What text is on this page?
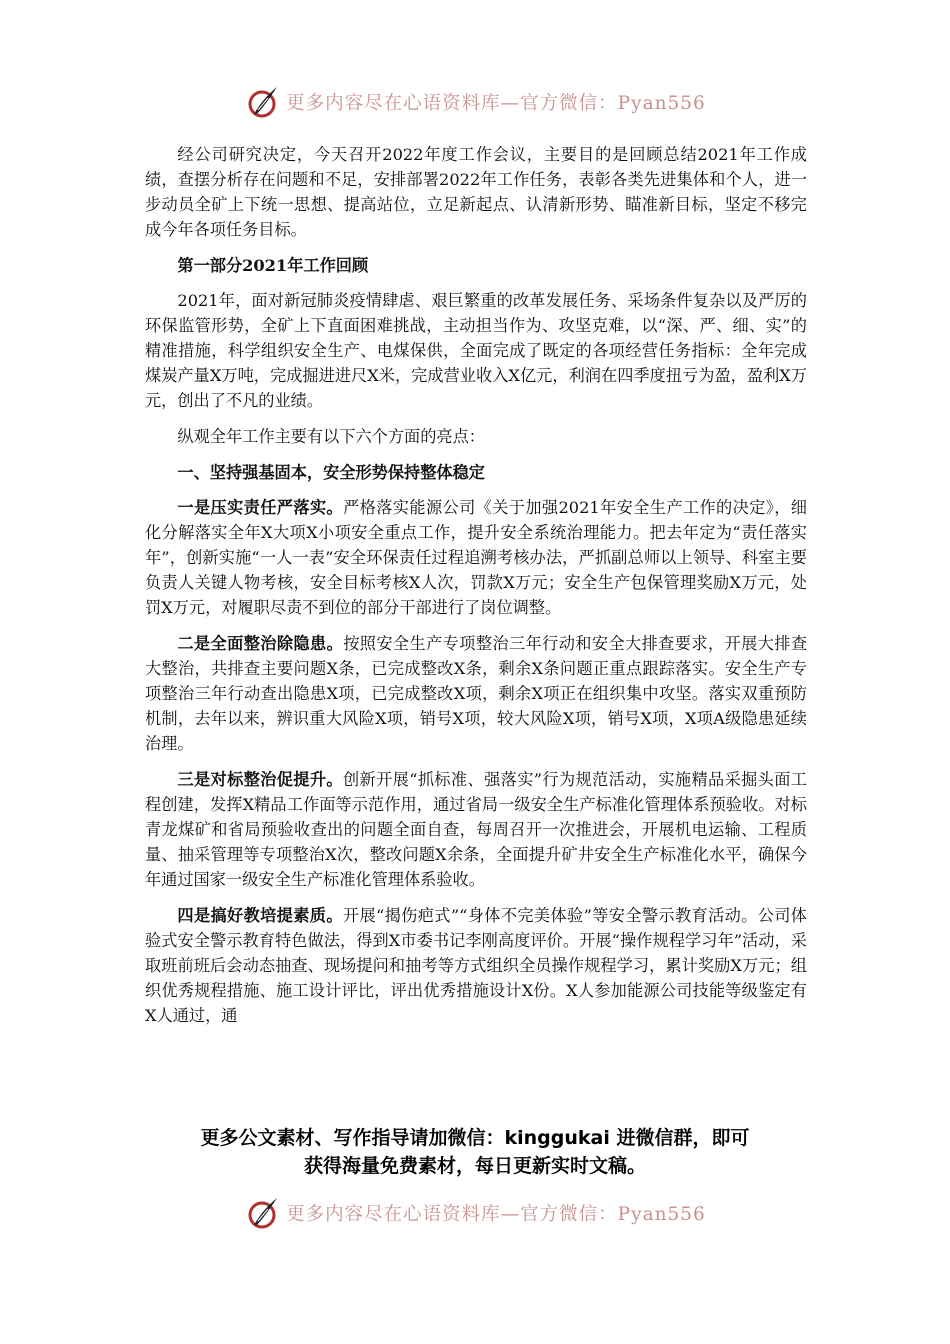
更多内容尽在心语资料库—官方微信：Pyan556

经公司研究决定，今天召开2022年度工作会议，主要目的是回顾总结2021年工作成绩，查摆分析存在问题和不足，安排部署2022年工作任务，表彰各类先进集体和个人，进一步动员全矿上下统一思想、提高站位，立足新起点、认清新形势、瞄准新目标，坚定不移完成今年各项任务目标。

第一部分2021年工作回顾

2021年，面对新冠肺炎疫情肆虐、艰巨繁重的改革发展任务、采场条件复杂以及严厉的环保监管形势，全矿上下直面困难挑战，主动担当作为、攻坚克难，以“深、严、细、实”的精准措施，科学组织安全生产、电煤保供，全面完成了既定的各项经营任务指标：全年完成煤炭产量X万吨，完成掘进进尺X米，完成营业收入X亿元，利润在四季度扭亏为盈，盈利X万元，创出了不凡的业绩。

纵观全年工作主要有以下六个方面的亮点：

一、坚持强基固本，安全形势保持整体稳定

一是压实责任严落实。严格落实能源公司《关于加强2021年安全生产工作的决定》，细化分解落实全年X大项X小项安全重点工作，提升安全系统治理能力。把去年定为“责任落实年”，创新实施“一人一表”安全环保责任过程追溯考核办法，严抓副总师以上领导、科室主要负责人关键人物考核，安全目标考核X人次，罚款X万元；安全生产包保管理奖励X万元，处罚X万元，对履职尽责不到位的部分干部进行了岗位调整。

二是全面整治除隐患。按照安全生产专项整治三年行动和安全大排查要求，开展大排查大整治，共排查主要问题X条，已完成整改X条，剩余X条问题正重点跟踪落实。安全生产专项整治三年行动查出隐患X项，已完成整改X项，剩余X项正在组织集中攻坚。落实双重预防机制，去年以来，辨识重大风险X项，销号X项，较大风险X项，销号X项，X项A级隐患延续治理。

三是对标整治促提升。创新开展“抓标准、强落实”行为规范活动，实施精品采掘头面工程创建，发挥X精品工作面等示范作用，通过省局一级安全生产标准化管理体系预验收。对标青龙煤矿和省局预验收查出的问题全面自查，每周召开一次推进会，开展机电运输、工程质量、抽采管理等专项整治X次，整改问题X余条，全面提升矿井安全生产标准化水平，确保今年通过国家一级安全生产标准化管理体系验收。

四是搞好教培提素质。开展“揭伤疤式”“身体不完美体验”等安全警示教育活动。公司体验式安全警示教育特色做法，得到X市委书记李刚高度评价。开展“操作规程学习年”活动，采取班前班后会动态抽查、现场提问和抽考等方式组织全员操作规程学习，累计奖励X万元；组织优秀规程措施、施工设计评比，评出优秀措施设计X份。X人参加能源公司技能等级鉴定有X人通过，通

更多公文素材、写作指导请加微信：kinggukai 进微信群，即可
获得海量免费素材，每日更新实时文稿。
更多内容尽在心语资料库—官方微信：Pyan556
